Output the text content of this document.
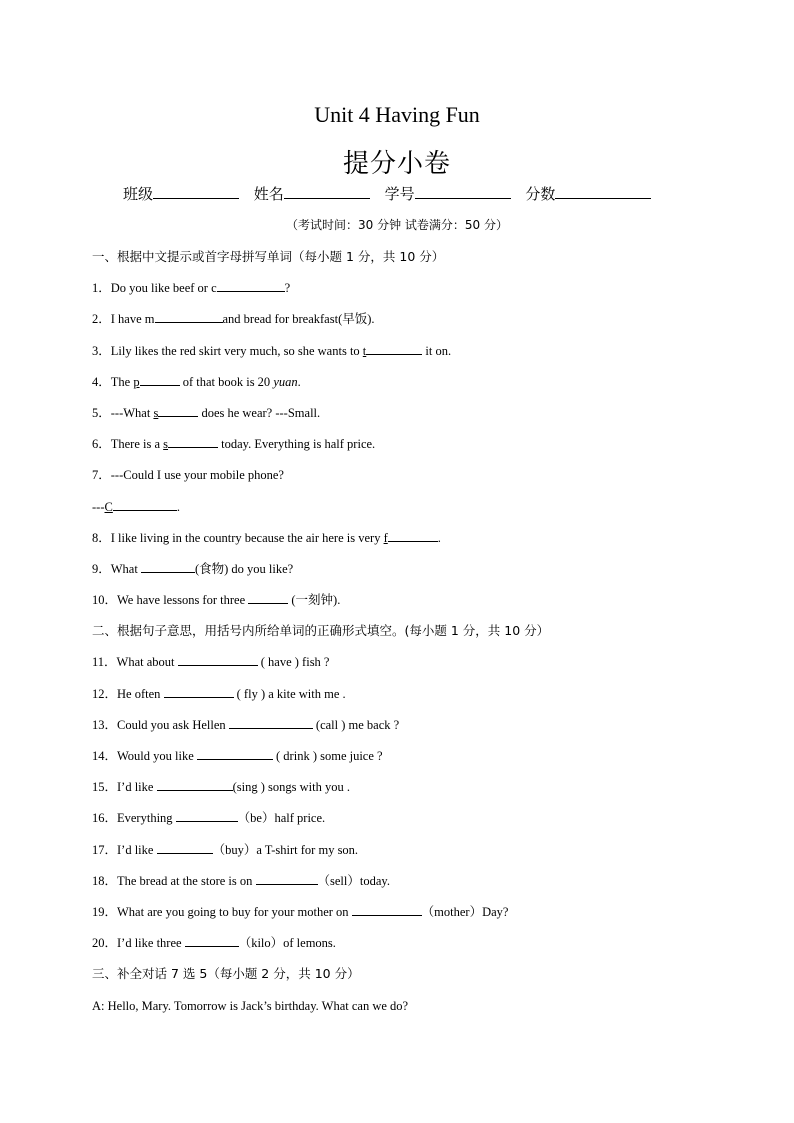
Unit 4 Having Fun
提分小卷
班级	姓名	学号	分数
（考试时间：30 分钟 试卷满分：50 分）
一、根据中文提示或首字母拼写单词（每小题 1 分，共 10 分）
1．Do you like beef or c	?
2．I have m	and bread for breakfast(早饭).
3．Lily likes the red skirt very much, so she wants to t	it on.
4．The p	of that book is 20 yuan.
5．---What s	does he wear? ---Small.
6．There is a s	today. Everything is half price.
7．---Could I use your mobile phone?
---C	.
8．I like living in the country because the air here is very f	.
9．What	(食物) do you like?
10．We have lessons for three	(一刻钟).
二、根据句子意思，用括号内所给单词的正确形式填空。(每小题 1 分，共 10 分）
11．What about	( have ) fish ?
12．He often	( fly ) a kite with me .
13．Could you ask Hellen	(call ) me back ?
14．Would you like	( drink ) some juice ?
15．I’d like	(sing ) songs with you .
16．Everything	（be）half price.
17．I’d like	（buy）a T-shirt for my son.
18．The bread at the store is on	（sell）today.
19．What are you going to buy for your mother on	（mother）Day?
20．I’d like three	（kilo）of lemons.
三、补全对话 7 选 5（每小题 2 分，共 10 分）
A: Hello, Mary. Tomorrow is Jack’s birthday. What can we do?
